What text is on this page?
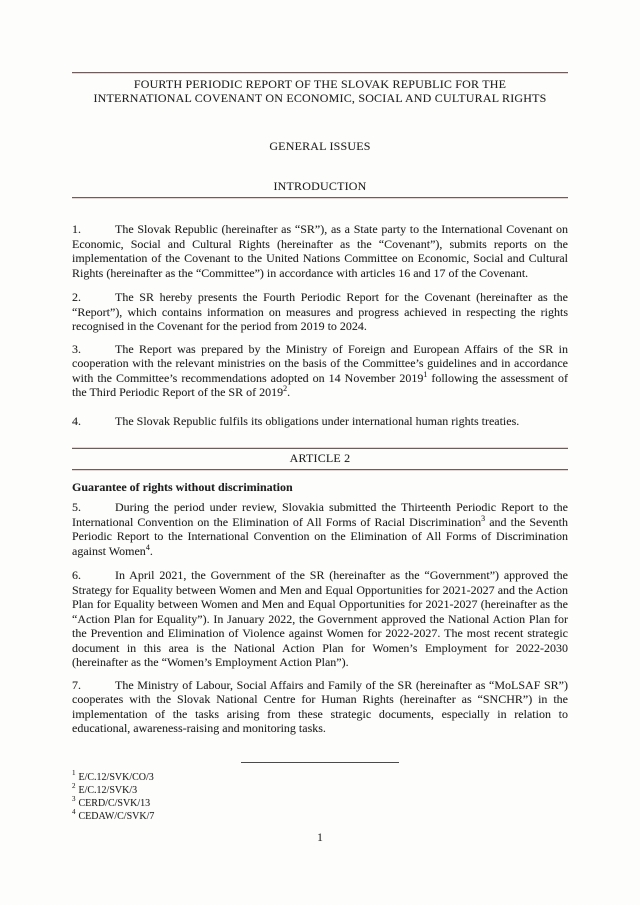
FOURTH PERIODIC REPORT OF THE SLOVAK REPUBLIC FOR THE
INTERNATIONAL COVENANT ON ECONOMIC, SOCIAL AND CULTURAL RIGHTS
GENERAL ISSUES
INTRODUCTION

1.	The Slovak Republic (hereinafter as “SR”), as a State party to the International Covenant on Economic, Social and Cultural Rights (hereinafter as the “Covenant”), submits reports on the implementation of the Covenant to the United Nations Committee on Economic, Social and Cultural Rights (hereinafter as the “Committee”) in accordance with articles 16 and 17 of the Covenant.

2.	The SR hereby presents the Fourth Periodic Report for the Covenant (hereinafter as the “Report”), which contains information on measures and progress achieved in respecting the rights recognised in the Covenant for the period from 2019 to 2024.

3.	The Report was prepared by the Ministry of Foreign and European Affairs of the SR in cooperation with the relevant ministries on the basis of the Committee’s guidelines and in accordance with the Committee’s recommendations adopted on 14 November 2019$^1$ following the assessment of the Third Periodic Report of the SR of 2019$^2$.

4.	The Slovak Republic fulfils its obligations under international human rights treaties.

ARTICLE 2
Guarantee of rights without discrimination

5.	During the period under review, Slovakia submitted the Thirteenth Periodic Report to the International Convention on the Elimination of All Forms of Racial Discrimination$^3$ and the Seventh Periodic Report to the International Convention on the Elimination of All Forms of Discrimination against Women$^4$.

6.	In April 2021, the Government of the SR (hereinafter as the “Government”) approved the Strategy for Equality between Women and Men and Equal Opportunities for 2021-2027 and the Action Plan for Equality between Women and Men and Equal Opportunities for 2021-2027 (hereinafter as the “Action Plan for Equality”). In January 2022, the Government approved the National Action Plan for the Prevention and Elimination of Violence against Women for 2022-2027. The most recent strategic document in this area is the National Action Plan for Women’s Employment for 2022-2030 (hereinafter as the “Women’s Employment Action Plan”).

7.	The Ministry of Labour, Social Affairs and Family of the SR (hereinafter as “MoLSAF SR”) cooperates with the Slovak National Centre for Human Rights (hereinafter as “SNCHR”) in the implementation of the tasks arising from these strategic documents, especially in relation to educational, awareness-raising and monitoring tasks.

$^1$ E/C.12/SVK/CO/3
$^2$ E/C.12/SVK/3
$^3$ CERD/C/SVK/13
$^4$ CEDAW/C/SVK/7
1
